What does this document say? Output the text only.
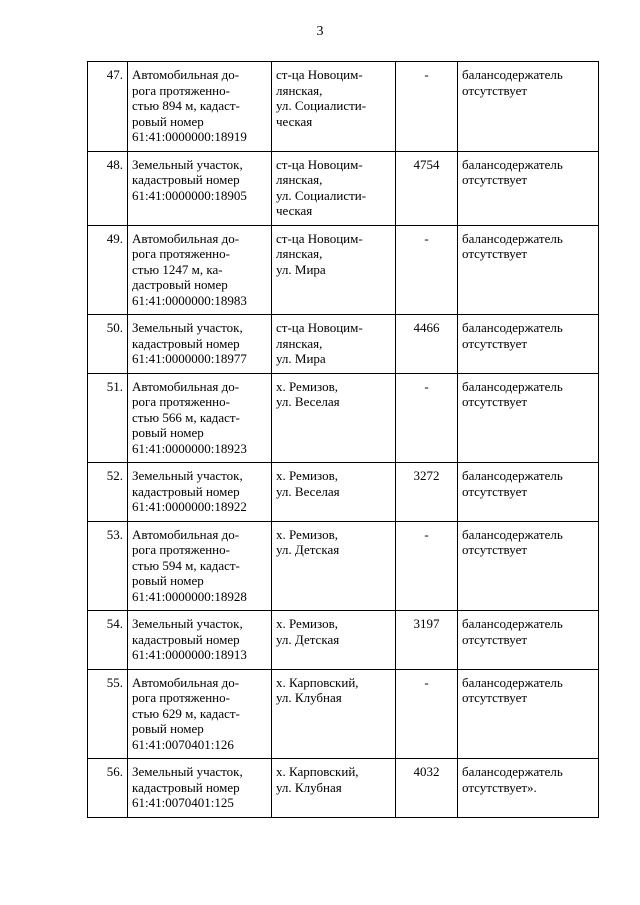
3
47.	Автомобильная до-
рога протяженно-
стью 894 м, кадаст-
ровый номер
61:41:0000000:18919	ст-ца Новоцим-
лянская,
ул. Социалисти-
ческая	-	балансодержатель
отсутствует

48.	Земельный участок,
кадастровый номер
61:41:0000000:18905	ст-ца Новоцим-
лянская,
ул. Социалисти-
ческая	4754	балансодержатель
отсутствует

49.	Автомобильная до-
рога протяженно-
стью 1247 м, ка-
дастровый номер
61:41:0000000:18983	ст-ца Новоцим-
лянская,
ул. Мира	-	балансодержатель
отсутствует

50.	Земельный участок,
кадастровый номер
61:41:0000000:18977	ст-ца Новоцим-
лянская,
ул. Мира	4466	балансодержатель
отсутствует

51.	Автомобильная до-
рога протяженно-
стью 566 м, кадаст-
ровый номер
61:41:0000000:18923	х. Ремизов,
ул. Веселая	-	балансодержатель
отсутствует

52.	Земельный участок,
кадастровый номер
61:41:0000000:18922	х. Ремизов,
ул. Веселая	3272	балансодержатель
отсутствует

53.	Автомобильная до-
рога протяженно-
стью 594 м, кадаст-
ровый номер
61:41:0000000:18928	х. Ремизов,
ул. Детская	-	балансодержатель
отсутствует

54.	Земельный участок,
кадастровый номер
61:41:0000000:18913	х. Ремизов,
ул. Детская	3197	балансодержатель
отсутствует

55.	Автомобильная до-
рога протяженно-
стью 629 м, кадаст-
ровый номер
61:41:0070401:126	х. Карповский,
ул. Клубная	-	балансодержатель
отсутствует

56.	Земельный участок,
кадастровый номер
61:41:0070401:125	х. Карповский,
ул. Клубная	4032	балансодержатель
отсутствует».
